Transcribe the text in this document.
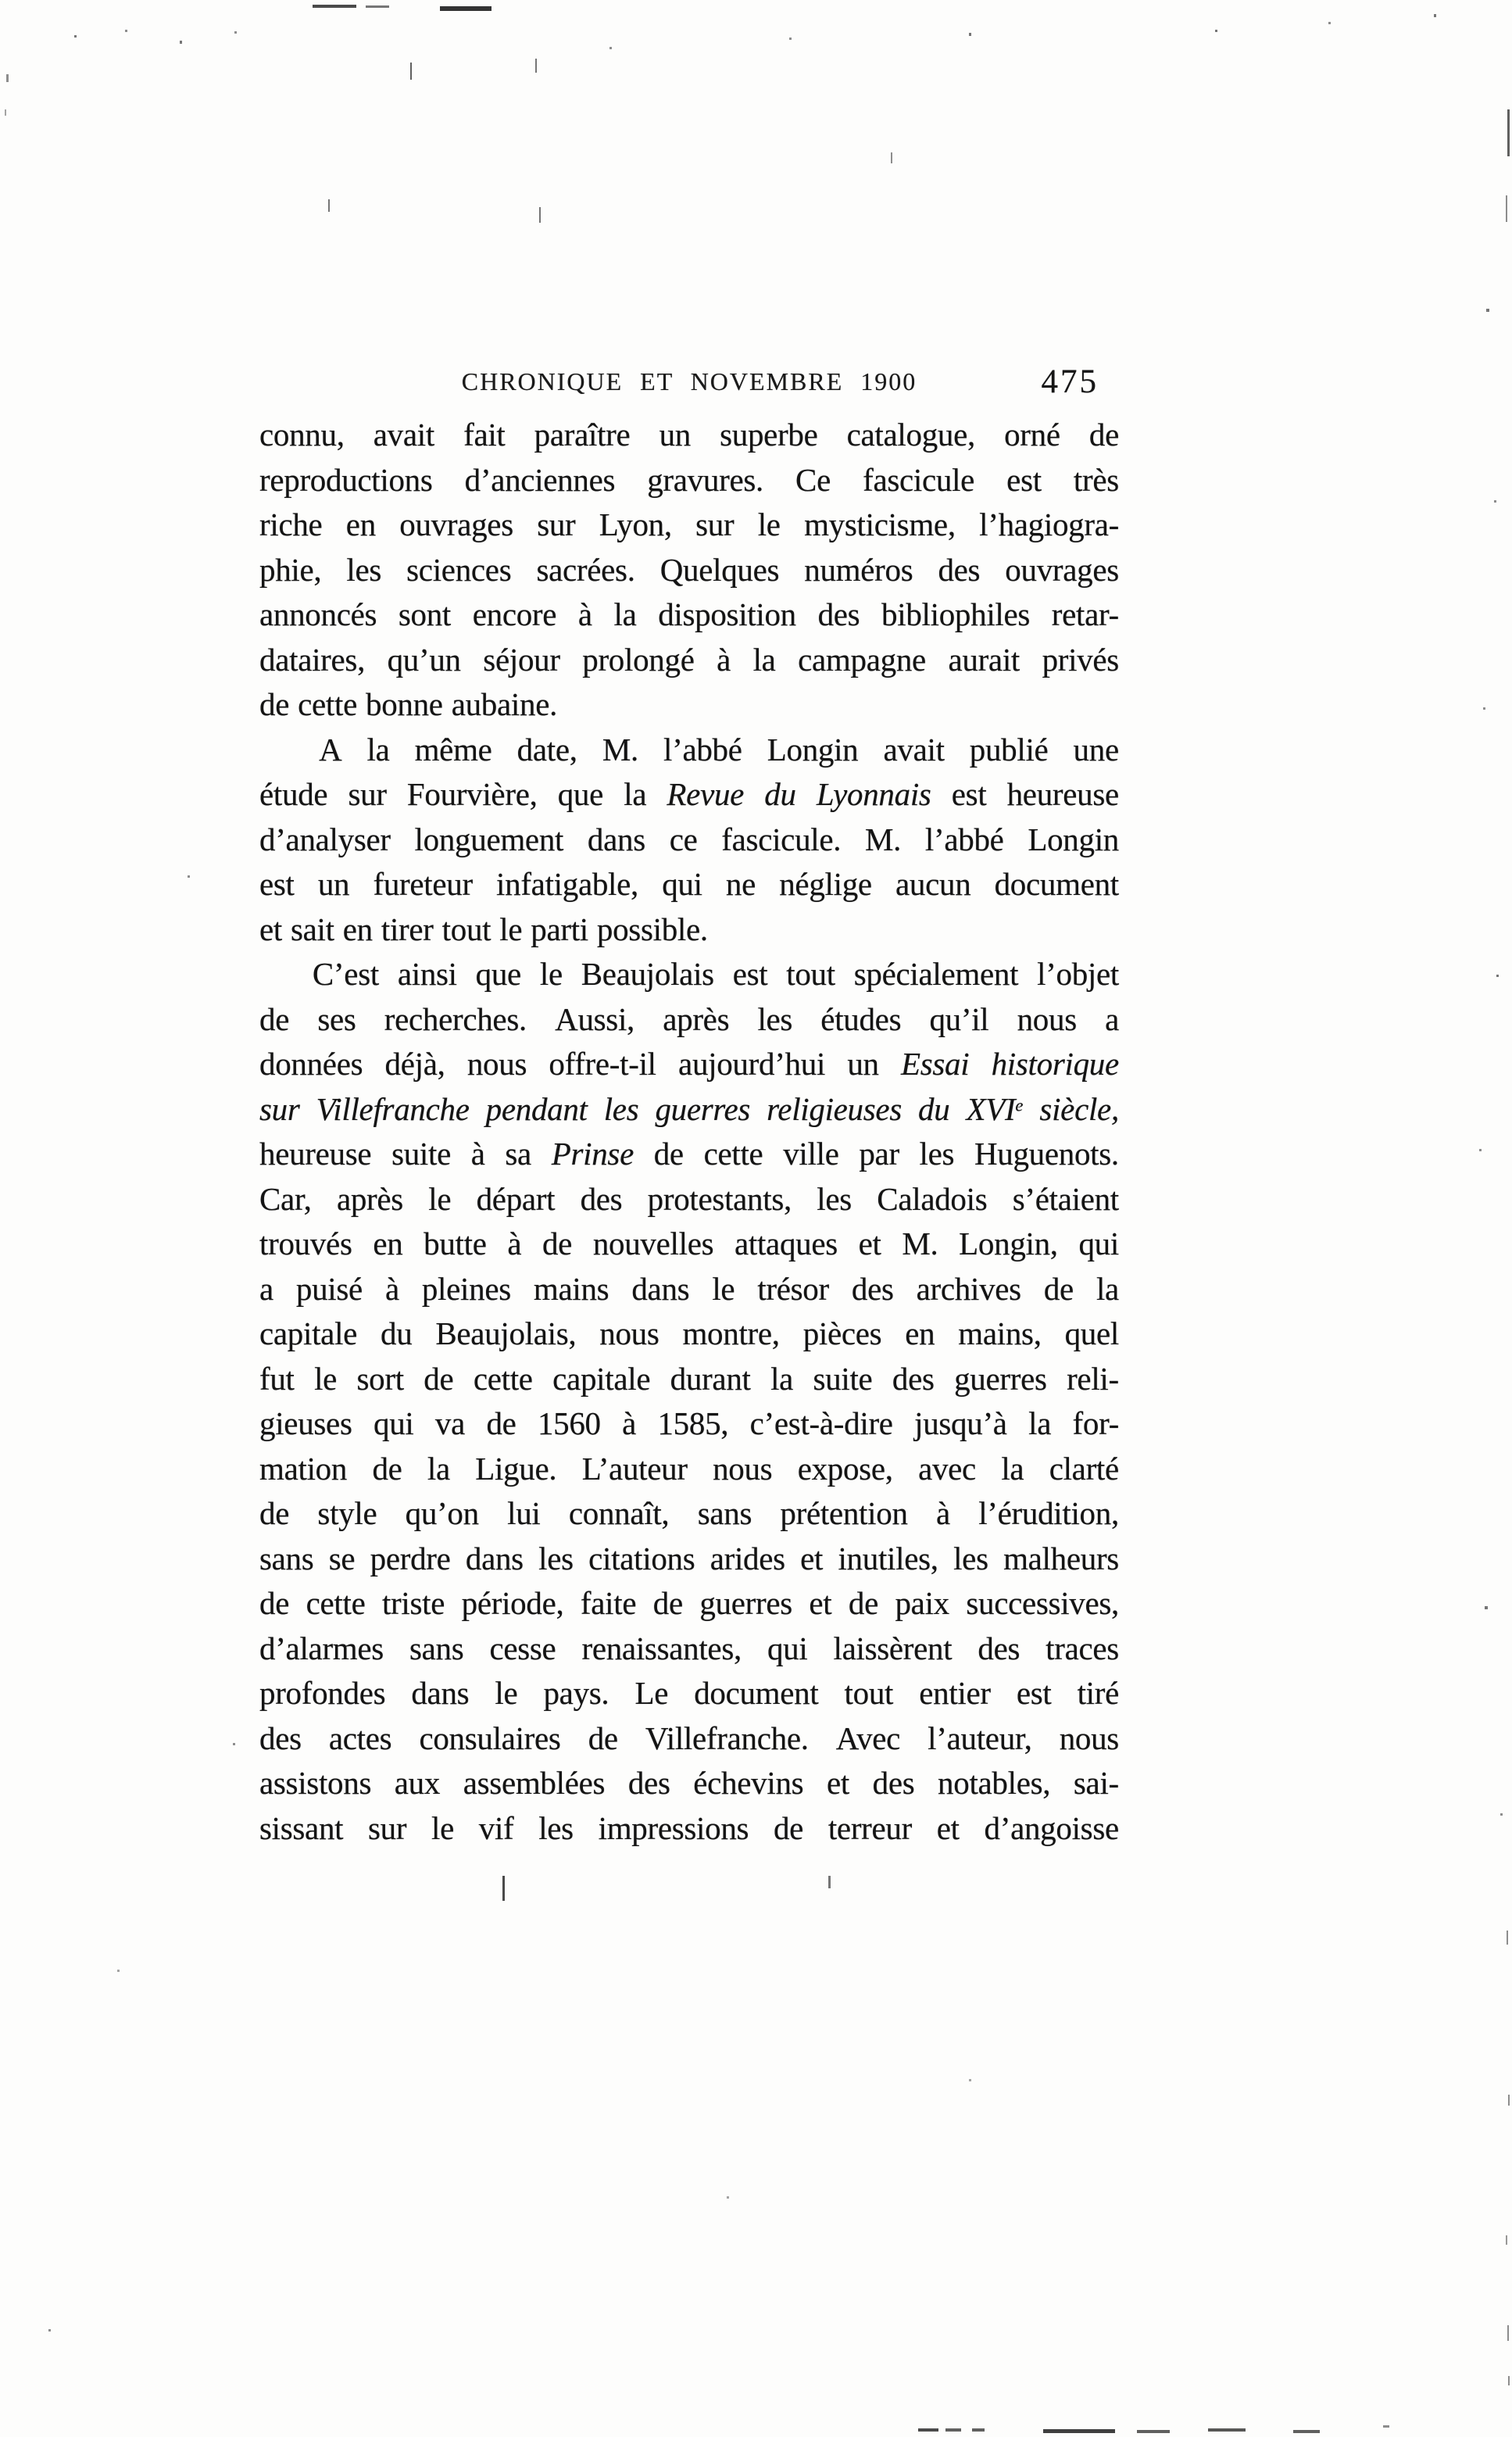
CHRONIQUE ET NOVEMBRE 1900	475
connu, avait fait paraître un superbe catalogue, orné de
reproductions d’anciennes gravures. Ce fascicule est très
riche en ouvrages sur Lyon, sur le mysticisme, l’hagiogra-
phie, les sciences sacrées. Quelques numéros des ouvrages
annoncés sont encore à la disposition des bibliophiles retar-
dataires, qu’un séjour prolongé à la campagne aurait privés
de cette bonne aubaine.
A la même date, M. l’abbé Longin avait publié une
étude sur Fourvière, que la Revue du Lyonnais est heureuse
d’analyser longuement dans ce fascicule. M. l’abbé Longin
est un fureteur infatigable, qui ne néglige aucun document
et sait en tirer tout le parti possible.
C’est ainsi que le Beaujolais est tout spécialement l’objet
de ses recherches. Aussi, après les études qu’il nous a
données déjà, nous offre-t-il aujourd’hui un Essai historique
sur Villefranche pendant les guerres religieuses du XVIe siècle,
heureuse suite à sa Prinse de cette ville par les Huguenots.
Car, après le départ des protestants, les Caladois s’étaient
trouvés en butte à de nouvelles attaques et M. Longin, qui
a puisé à pleines mains dans le trésor des archives de la
capitale du Beaujolais, nous montre, pièces en mains, quel
fut le sort de cette capitale durant la suite des guerres reli-
gieuses qui va de 1560 à 1585, c’est-à-dire jusqu’à la for-
mation de la Ligue. L’auteur nous expose, avec la clarté
de style qu’on lui connaît, sans prétention à l’érudition,
sans se perdre dans les citations arides et inutiles, les malheurs
de cette triste période, faite de guerres et de paix successives,
d’alarmes sans cesse renaissantes, qui laissèrent des traces
profondes dans le pays. Le document tout entier est tiré
des actes consulaires de Villefranche. Avec l’auteur, nous
assistons aux assemblées des échevins et des notables, sai-
sissant sur le vif les impressions de terreur et d’angoisse
